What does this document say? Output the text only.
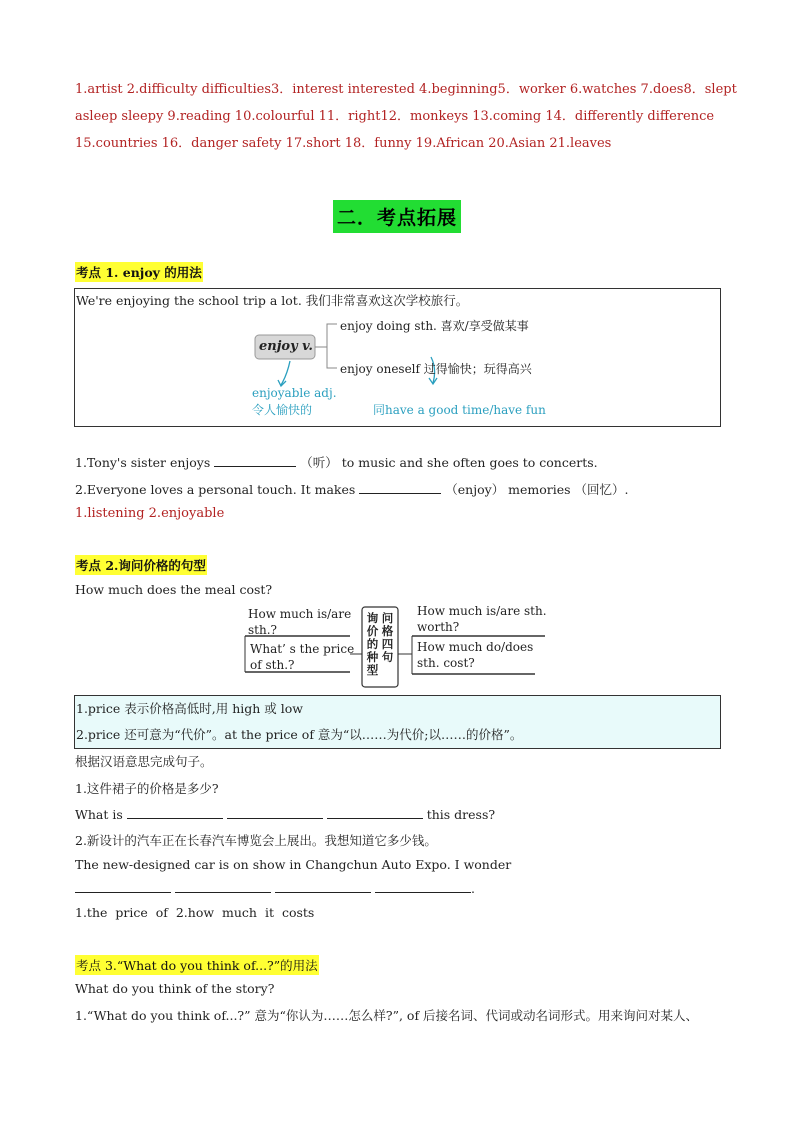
1.artist 2.difficulty difficulties3．interest interested 4.beginning5．worker 6.watches 7.does8．slept
asleep sleepy 9.reading 10.colourful 11．right12．monkeys 13.coming 14．differently difference
15.countries 16．danger safety 17.short 18．funny 19.African 20.Asian 21.leaves
二．考点拓展
考点 1. enjoy 的用法
We're enjoying the school trip a lot. 我们非常喜欢这次学校旅行。
enjoy v.
enjoy doing sth. 喜欢/享受做某事
enjoy oneself 过得愉快；玩得高兴
enjoyable adj.
令人愉快的	同have a good time/have fun
1.Tony's sister enjoys	（听） to music and she often goes to concerts.
2.Everyone loves a personal touch. It makes	（enjoy） memories （回忆）.
1.listening 2.enjoyable
考点 2.询问价格的句型
How much does the meal cost?
How much is/are
sth.?
What’ s the price
of sth.?
询 问
价 格
的 四
种 句
型
How much is/are sth.
worth?
How much do/does
sth. cost?
1.price 表示价格高低时,用 high 或 low
2.price 还可意为“代价”。at the price of 意为“以……为代价;以……的价格”。
根据汉语意思完成句子。
1.这件裙子的价格是多少?
What is	this dress?
2.新设计的汽车正在长春汽车博览会上展出。我想知道它多少钱。
The new-designed car is on show in Changchun Auto Expo. I wonder
.
1.the price of 2.how much it costs
考点 3.“What do you think of...?”的用法
What do you think of the story?
1.“What do you think of...?” 意为“你认为……怎么样?”, of 后接名词、代词或动名词形式。用来询问对某人、
